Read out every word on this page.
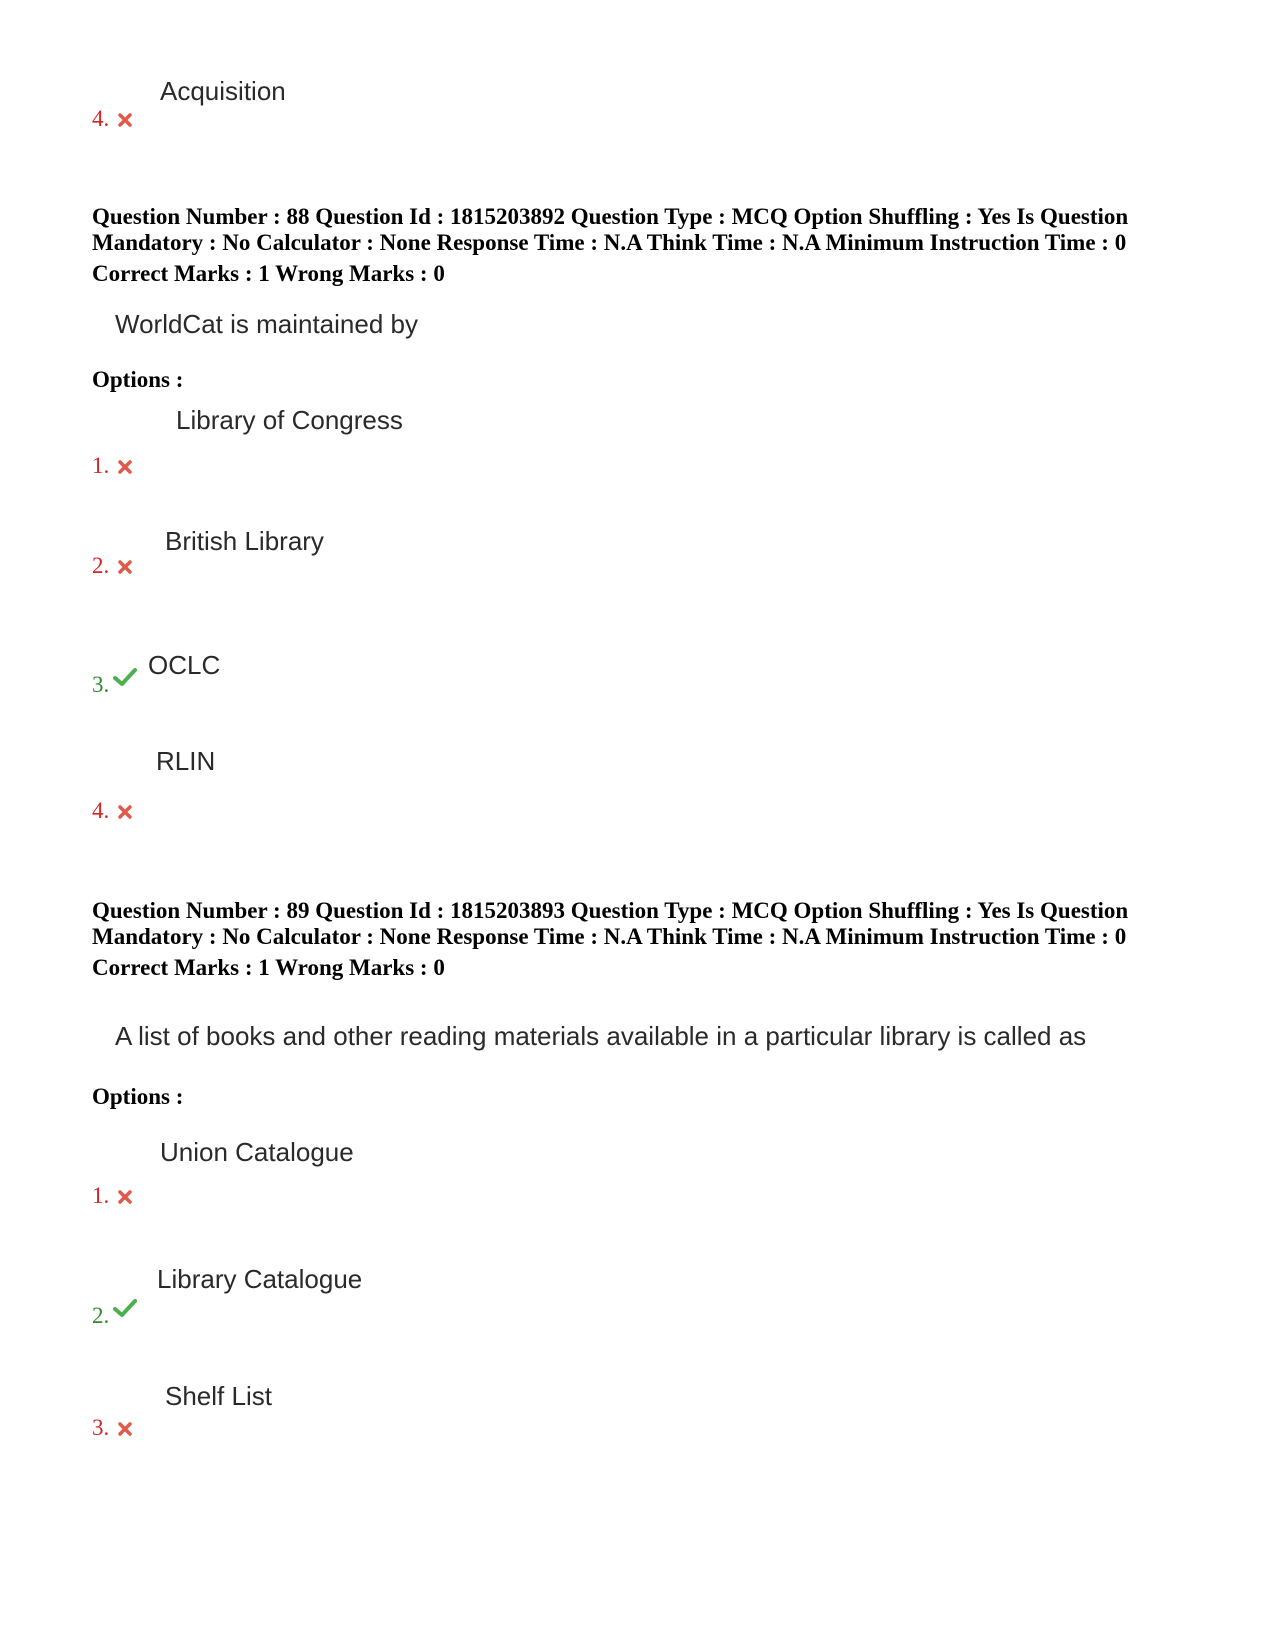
Acquisition
4.
Question Number : 88 Question Id : 1815203892 Question Type : MCQ Option Shuffling : Yes Is Question
Mandatory : No Calculator : None Response Time : N.A Think Time : N.A Minimum Instruction Time : 0
Correct Marks : 1 Wrong Marks : 0
WorldCat is maintained by
Options :
Library of Congress
1.
British Library
2.
OCLC
3.
RLIN
4.
Question Number : 89 Question Id : 1815203893 Question Type : MCQ Option Shuffling : Yes Is Question
Mandatory : No Calculator : None Response Time : N.A Think Time : N.A Minimum Instruction Time : 0
Correct Marks : 1 Wrong Marks : 0
A list of books and other reading materials available in a particular library is called as
Options :
Union Catalogue
1.
Library Catalogue
2.
Shelf List
3.
